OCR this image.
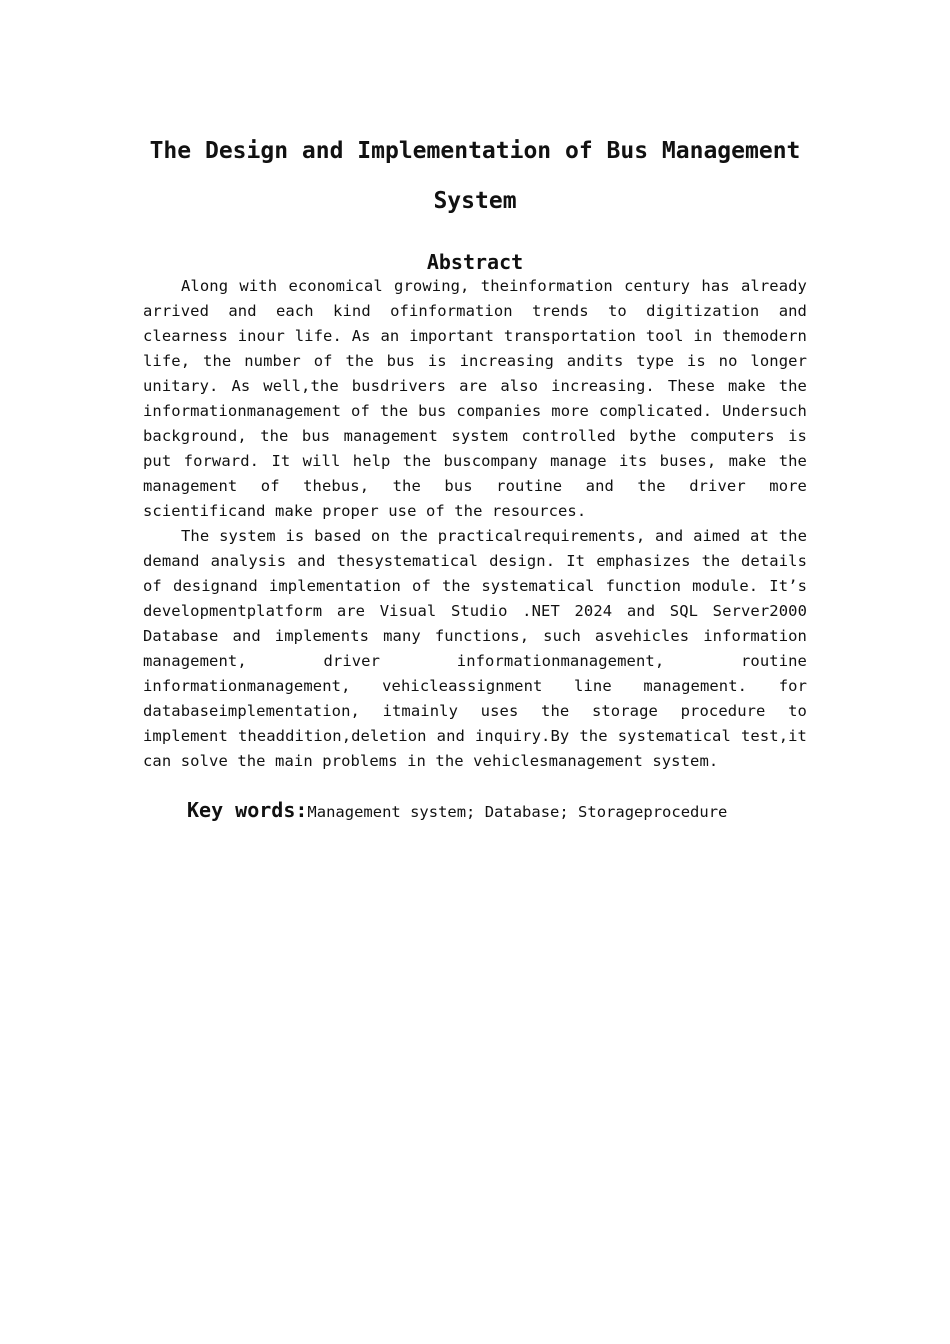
The Design and Implementation of Bus Management System
Abstract

Along with economical growing, theinformation century has already arrived and each kind ofinformation trends to digitization and clearness inour life. As an important transportation tool in themodern life, the number of the bus is increasing andits type is no longer unitary. As well,the busdrivers are also increasing. These make the informationmanagement of the bus companies more complicated. Undersuch background, the bus management system controlled bythe computers is put forward. It will help the buscompany manage its buses, make the management of thebus, the bus routine and the driver more scientificand make proper use of the resources.

The system is based on the practicalrequirements, and aimed at the demand analysis and thesystematical design. It emphasizes the details of designand implementation of the systematical function module. It’s developmentplatform are Visual Studio .NET 2024 and SQL Server2000 Database and implements many functions, such asvehicles information management, driver informationmanagement, routine informationmanagement, vehicleassignment line management. for databaseimplementation, itmainly uses the storage procedure to implement theaddition,deletion and inquiry.By the systematical test,it can solve the main problems in the vehiclesmanagement system.

Key words:Management system; Database; Storageprocedure
